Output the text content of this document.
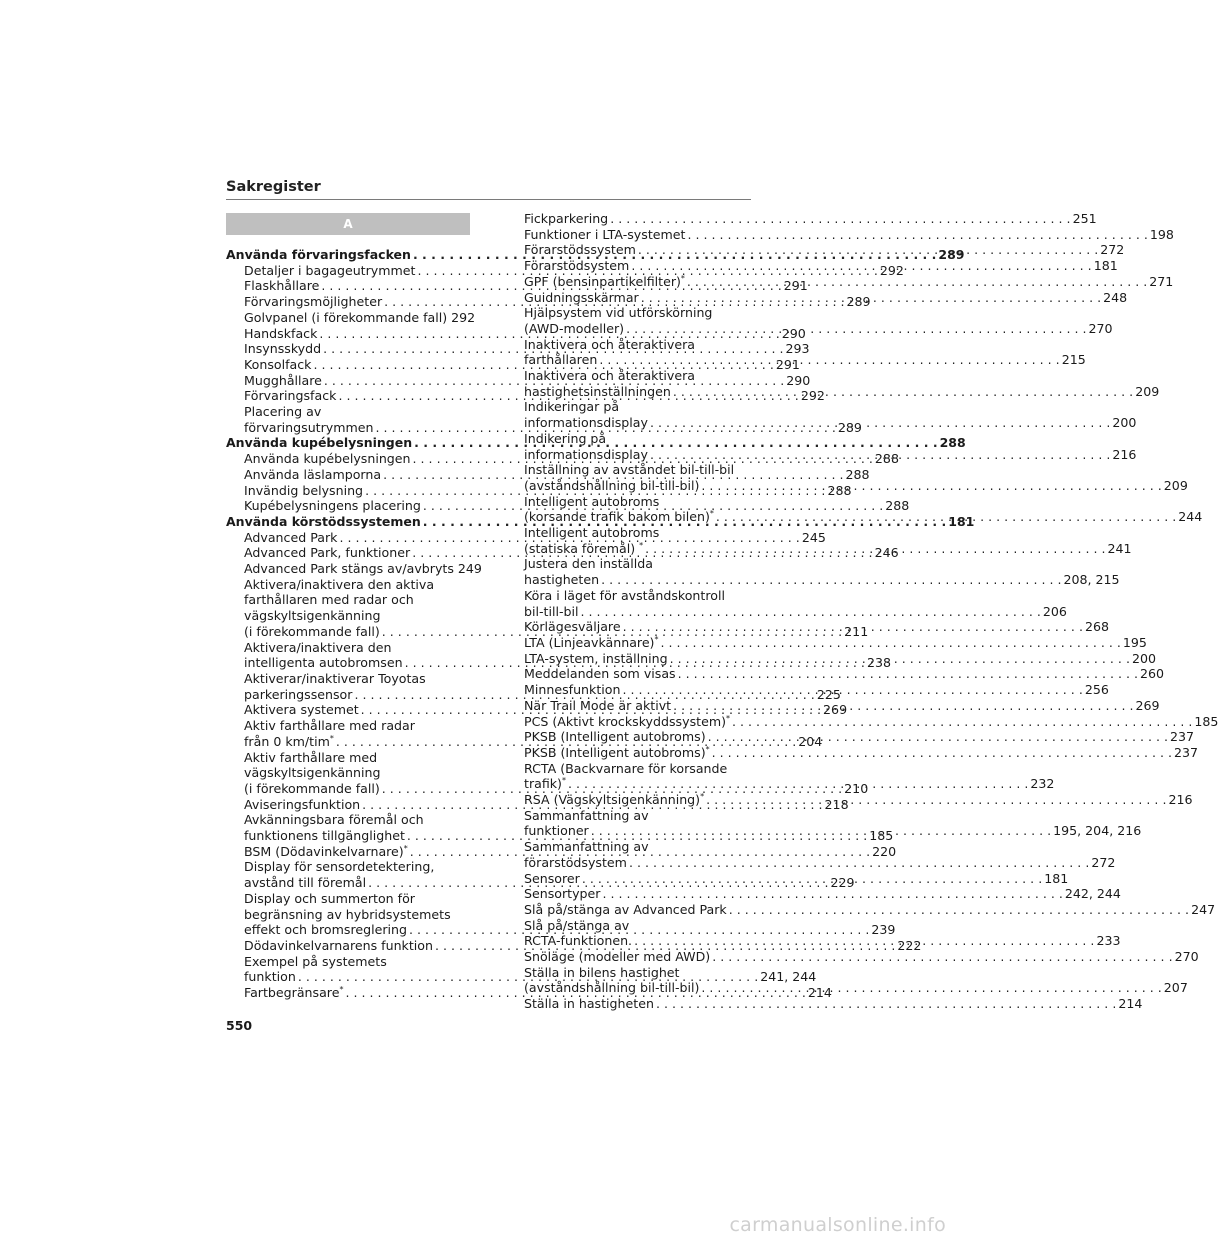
Sakregister
A
Använda förvaringsfacken . . .	289
Detaljer i bagageutrymmet . . .	292
Flaskhållare . . .	291
Förvaringsmöjligheter . . .	289
Golvpanel (i förekommande fall) 292
Handskfack . . .	290
Insynsskydd . . .	293
Konsolfack . . .	291
Mugghållare . . .	290
Förvaringsfack . . .	292
Placering av
förvaringsutrymmen . . .	289
Använda kupébelysningen . . .	288
Använda kupébelysningen . . .	288
Använda läslamporna . . .	288
Invändig belysning . . .	288
Kupébelysningens placering . . .	288
Använda körstödssystemen . . .	181
Advanced Park . . .	245
Advanced Park, funktioner . . .	246
Advanced Park stängs av/avbryts 249
Aktivera/inaktivera den aktiva
farthållaren med radar och
vägskyltsigenkänning
(i förekommande fall) . . .	211
Aktivera/inaktivera den
intelligenta autobromsen . . .	238
Aktiverar/inaktiverar Toyotas
parkeringssensor . . .	225
Aktivera systemet . . .	269
Aktiv farthållare med radar
från 0 km/tim* . . .	204
Aktiv farthållare med
vägskyltsigenkänning
(i förekommande fall) . . .	210
Aviseringsfunktion . . .	218
Avkänningsbara föremål och
funktionens tillgänglighet . . .	185
BSM (Dödavinkelvarnare)* . . .	220
Display för sensordetektering,
avstånd till föremål . . .	229
Display och summerton för
begränsning av hybridsystemets
effekt och bromsreglering . . .	239
Dödavinkelvarnarens funktion . . .	222
Exempel på systemets
funktion . . .	241, 244
Fartbegränsare* . . .	214
Fickparkering . . .	251
Funktioner i LTA-systemet . . .	198
Förarstödssystem . . .	272
Förarstödsystem . . .	181
GPF (bensinpartikelfilter)* . . .	271
Guidningsskärmar . . .	248
Hjälpsystem vid utförskörning
(AWD-modeller) . . .	270
Inaktivera och återaktivera
farthållaren . . .	215
Inaktivera och återaktivera
hastighetsinställningen . . .	209
Indikeringar på
informationsdisplay . . .	200
Indikering på
informationsdisplay . . .	216
Inställning av avståndet bil-till-bil
(avståndshållning bil-till-bil) . . .	209
Intelligent autobroms
(korsande trafik bakom bilen)* . . .	244
Intelligent autobroms
(statiska föremål) * . . .	241
Justera den inställda
hastigheten . . .	208, 215
Köra i läget för avståndskontroll
bil-till-bil . . .	206
Körlägesväljare . . .	268
LTA (Linjeavkännare)* . . .	195
LTA-system, inställning . . .	200
Meddelanden som visas . . .	260
Minnesfunktion . . .	256
När Trail Mode är aktivt . . .	269
PCS (Aktivt krockskyddssystem)* . . .	185
PKSB (Intelligent autobroms) . . .	237
PKSB (Intelligent autobroms)* . . .	237
RCTA (Backvarnare för korsande
trafik)* . . .	232
RSA (Vägskyltsigenkänning)* . . .	216
Sammanfattning av
funktioner . . .	195, 204, 216
Sammanfattning av
förarstödsystem . . .	272
Sensorer . . .	181
Sensortyper . . .	242, 244
Slå på/stänga av Advanced Park . . .	247
Slå på/stänga av
RCTA-funktionen. . . .	233
Snöläge (modeller med AWD) . . .	270
Ställa in bilens hastighet
(avståndshållning bil-till-bil) . . .	207
Ställa in hastigheten . . .	214
550
carmanualsonline.info
